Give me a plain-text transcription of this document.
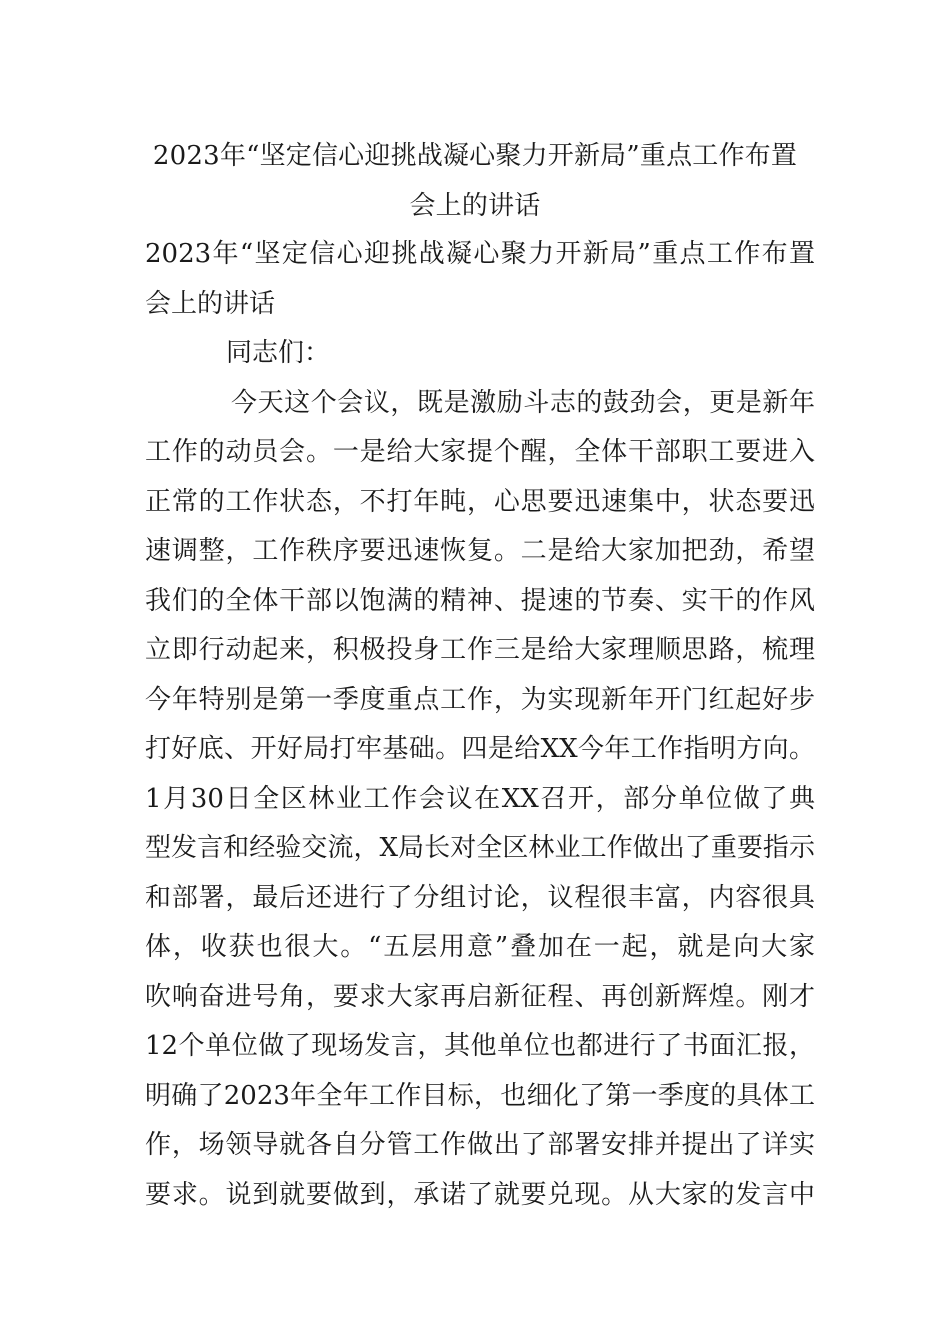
2023年“坚定信心迎挑战凝心聚力开新局”重点工作布置
会上的讲话
2023年“坚定信心迎挑战凝心聚力开新局”重点工作布置
会上的讲话
同志们：
今天这个会议，既是激励斗志的鼓劲会，更是新年
工作的动员会。一是给大家提个醒，全体干部职工要进入
正常的工作状态，不打年盹，心思要迅速集中，状态要迅
速调整，工作秩序要迅速恢复。二是给大家加把劲，希望
我们的全体干部以饱满的精神、提速的节奏、实干的作风
立即行动起来，积极投身工作三是给大家理顺思路，梳理
今年特别是第一季度重点工作，为实现新年开门红起好步
打好底、开好局打牢基础。四是给XX今年工作指明方向。
1月30日全区林业工作会议在XX召开，部分单位做了典
型发言和经验交流，X局长对全区林业工作做出了重要指示
和部署，最后还进行了分组讨论，议程很丰富，内容很具
体，收获也很大。“五层用意”叠加在一起，就是向大家
吹响奋进号角，要求大家再启新征程、再创新辉煌。刚才
12个单位做了现场发言，其他单位也都进行了书面汇报，
明确了2023年全年工作目标，也细化了第一季度的具体工
作，场领导就各自分管工作做出了部署安排并提出了详实
要求。说到就要做到，承诺了就要兑现。从大家的发言中
